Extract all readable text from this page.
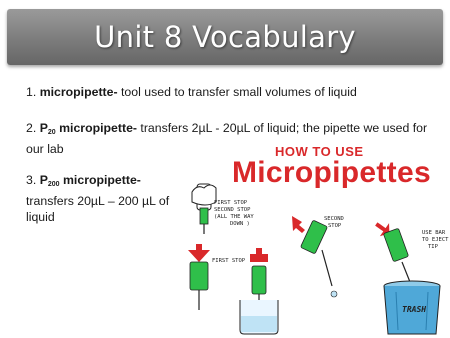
Unit 8 Vocabulary
1. micropipette- tool used to transfer small volumes of liquid
2. $P_{20}$ micropipette- transfers 2µL - 20µL of liquid; the pipette we used for our lab
3. $P_{200}$ micropipette- transfers 20µL – 200 µL of liquid
HOW TO USE
Micropipettes
FIRST STOP
SECOND STOP
(ALL THE WAY
DOWN )
FIRST STOP
SECOND
STOP
USE BAR
TO EJECT
TIP
TRASH
